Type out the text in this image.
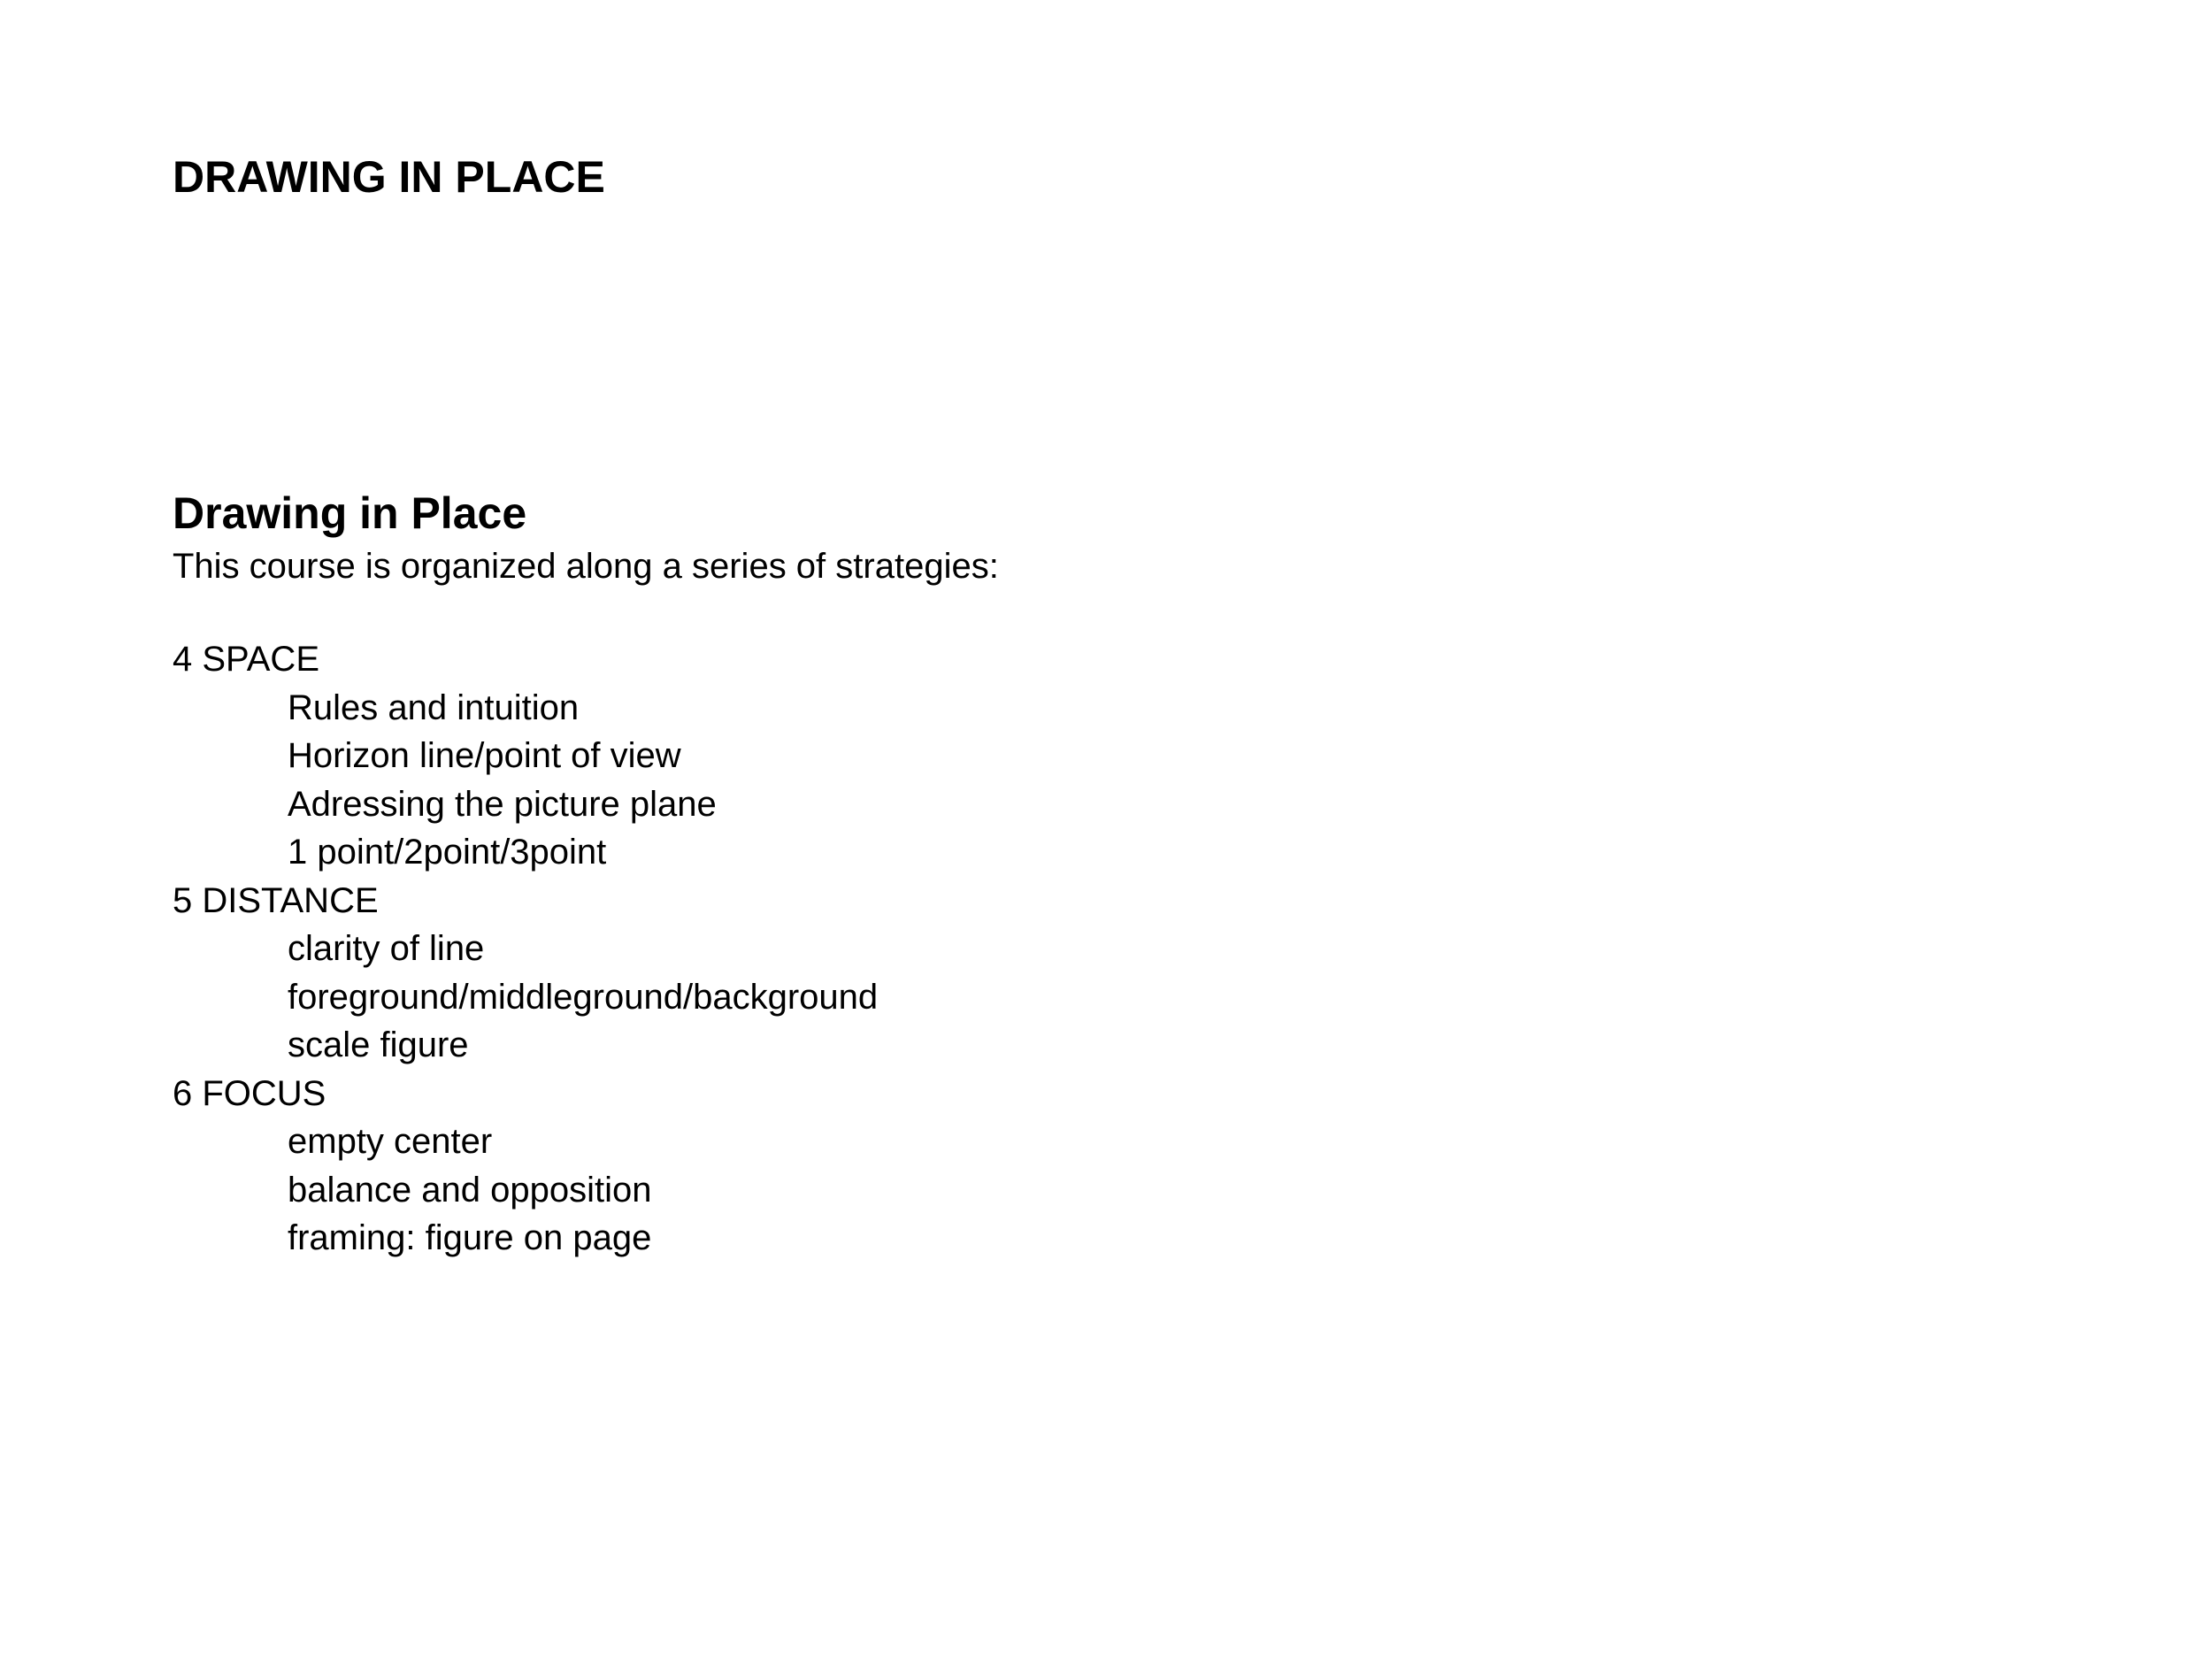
DRAWING IN PLACE
Drawing in Place

This course is organized along a series of strategies:

4 SPACE
Rules and intuition
Horizon line/point of view
Adressing the picture plane
1 point/2point/3point
5 DISTANCE
clarity of line
foreground/middleground/background
scale figure
6 FOCUS
empty center
balance and opposition
framing: figure on page
